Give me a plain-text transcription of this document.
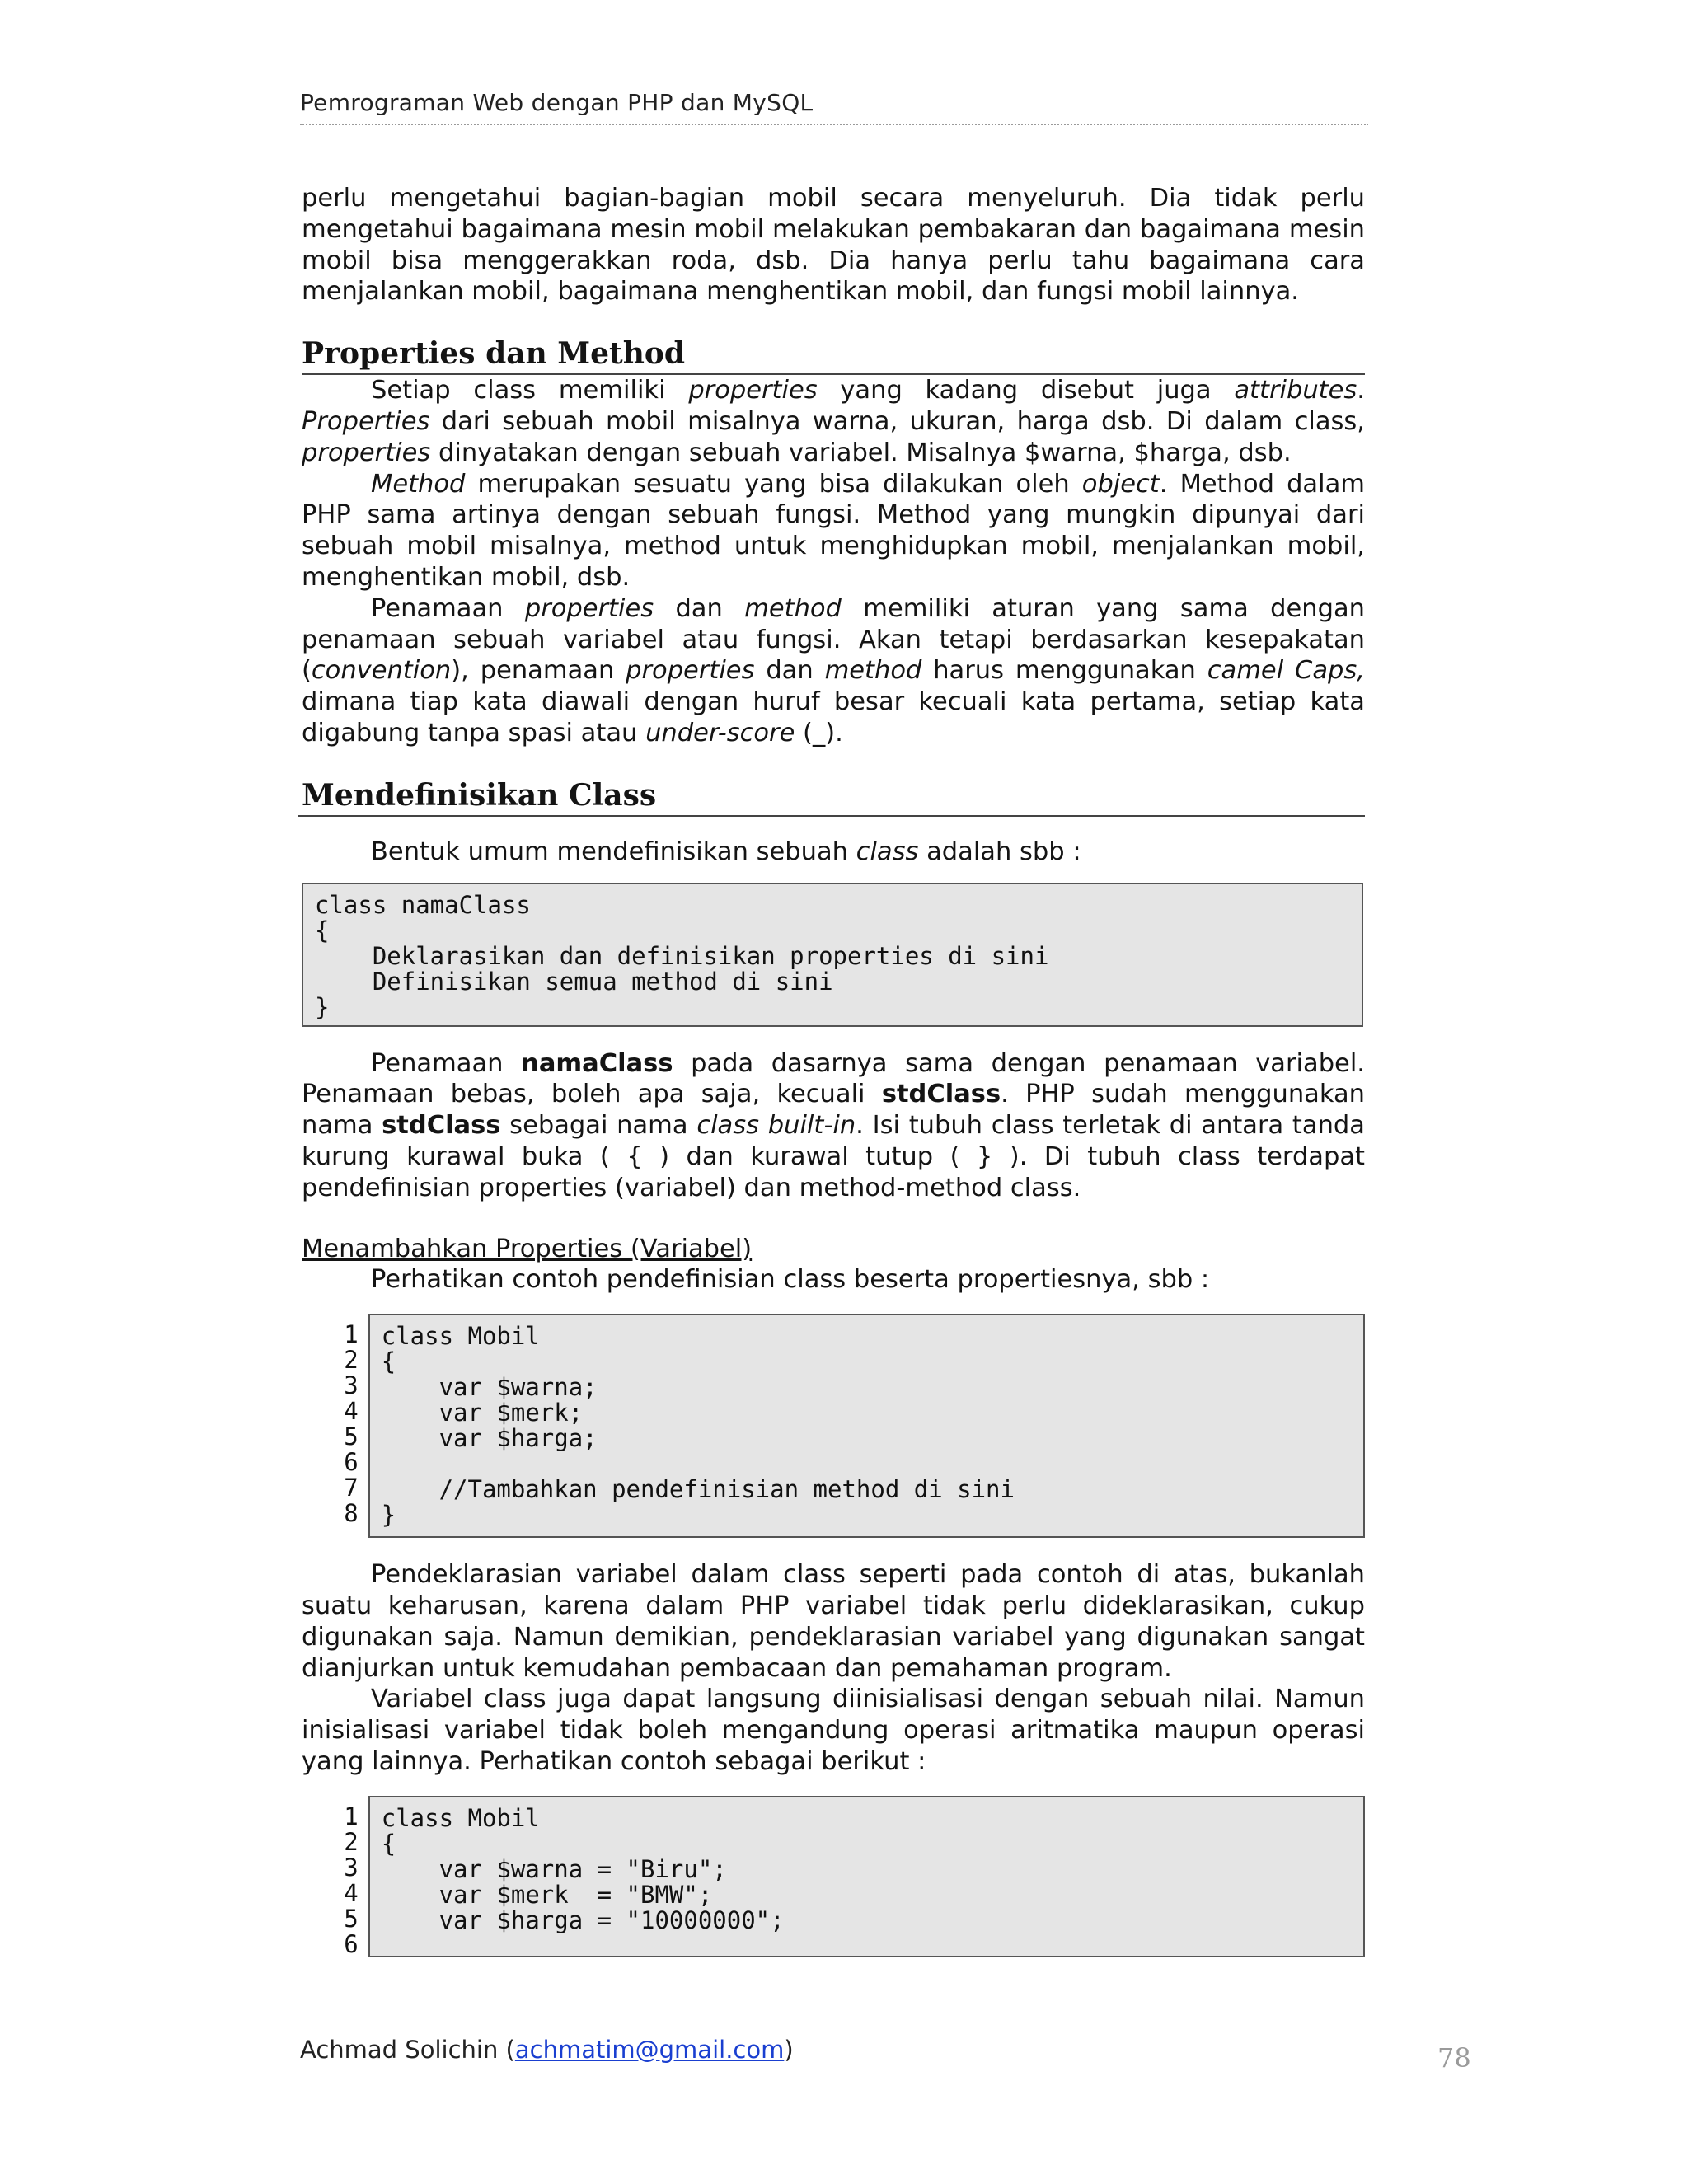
Pemrograman Web dengan PHP dan MySQL

perlu mengetahui bagian-bagian mobil secara menyeluruh. Dia tidak perlu mengetahui bagaimana mesin mobil melakukan pembakaran dan bagaimana mesin mobil bisa menggerakkan roda, dsb. Dia hanya perlu tahu bagaimana cara menjalankan mobil, bagaimana menghentikan mobil, dan fungsi mobil lainnya.

Properties dan Method

Setiap class memiliki properties yang kadang disebut juga attributes. Properties dari sebuah mobil misalnya warna, ukuran, harga dsb. Di dalam class, properties dinyatakan dengan sebuah variabel. Misalnya $warna, $harga, dsb.

Method merupakan sesuatu yang bisa dilakukan oleh object. Method dalam PHP sama artinya dengan sebuah fungsi. Method yang mungkin dipunyai dari sebuah mobil misalnya, method untuk menghidupkan mobil, menjalankan mobil, menghentikan mobil, dsb.

Penamaan properties dan method memiliki aturan yang sama dengan penamaan sebuah variabel atau fungsi. Akan tetapi berdasarkan kesepakatan (convention), penamaan properties dan method harus menggunakan camel Caps, dimana tiap kata diawali dengan huruf besar kecuali kata pertama, setiap kata digabung tanpa spasi atau under-score (_).

Mendefinisikan Class

Bentuk umum mendefinisikan sebuah class adalah sbb :

class namaClass
{
Deklarasikan dan definisikan properties di sini
Definisikan semua method di sini
}

Penamaan namaClass pada dasarnya sama dengan penamaan variabel. Penamaan bebas, boleh apa saja, kecuali stdClass. PHP sudah menggunakan nama stdClass sebagai nama class built-in. Isi tubuh class terletak di antara tanda kurung kurawal buka ( { ) dan kurawal tutup ( } ). Di tubuh class terdapat pendefinisian properties (variabel) dan method-method class.

Menambahkan Properties (Variabel)

Perhatikan contoh pendefinisian class beserta propertiesnya, sbb :

1
2
3
4
5
6
7
8
class Mobil
{
var $warna;
var $merk;
var $harga;

//Tambahkan pendefinisian method di sini
}

Pendeklarasian variabel dalam class seperti pada contoh di atas, bukanlah suatu keharusan, karena dalam PHP variabel tidak perlu dideklarasikan, cukup digunakan saja. Namun demikian, pendeklarasian variabel yang digunakan sangat dianjurkan untuk kemudahan pembacaan dan pemahaman program.

Variabel class juga dapat langsung diinisialisasi dengan sebuah nilai. Namun inisialisasi variabel tidak boleh mengandung operasi aritmatika maupun operasi yang lainnya. Perhatikan contoh sebagai berikut :

1
2
3
4
5
6
class Mobil
{
var $warna = "Biru";
var $merk  = "BMW";
var $harga = "10000000";

Achmad Solichin (achmatim@gmail.com)	78
